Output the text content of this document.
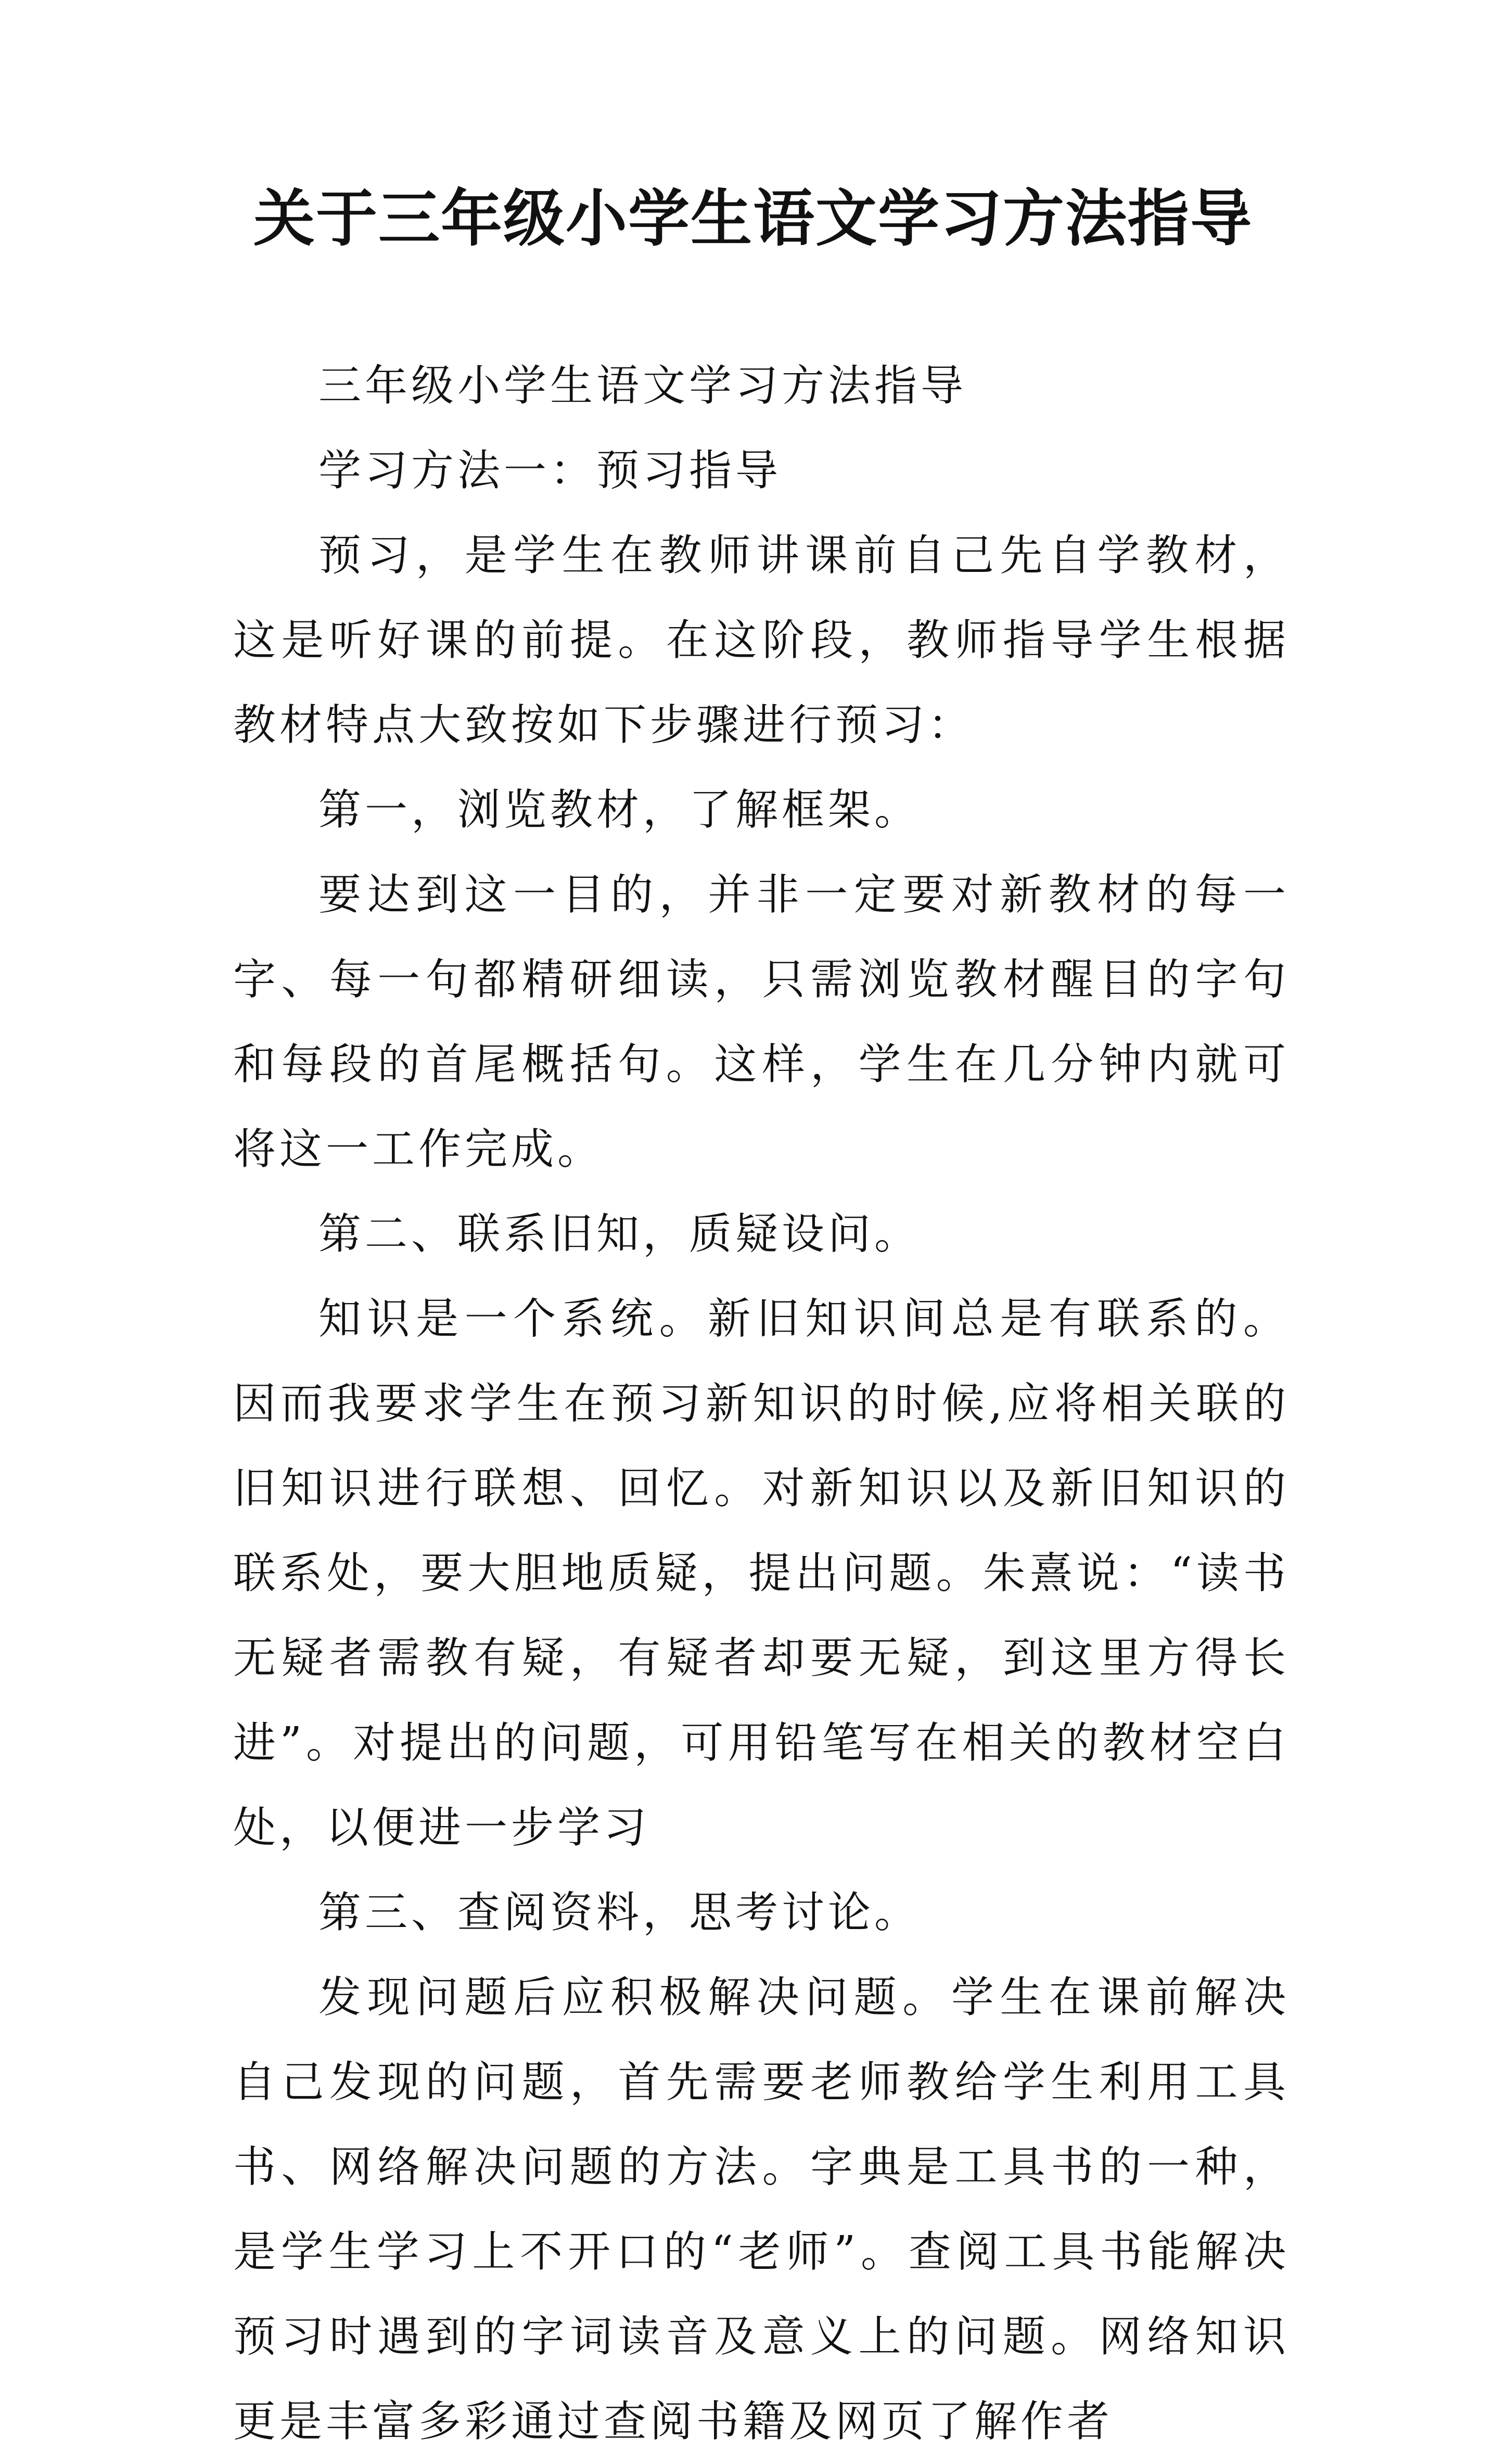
关于三年级小学生语文学习方法指导

三年级小学生语文学习方法指导

学习方法一：预习指导

预习，是学生在教师讲课前自己先自学教材，这是听好课的前提。在这阶段，教师指导学生根据教材特点大致按如下步骤进行预习：

第一，浏览教材，了解框架。

要达到这一目的，并非一定要对新教材的每一字、每一句都精研细读，只需浏览教材醒目的字句和每段的首尾概括句。这样，学生在几分钟内就可将这一工作完成。

第二、联系旧知，质疑设问。

知识是一个系统。新旧知识间总是有联系的。因而我要求学生在预习新知识的时候,应将相关联的旧知识进行联想、回忆。对新知识以及新旧知识的联系处，要大胆地质疑，提出问题。朱熹说：“读书无疑者需教有疑，有疑者却要无疑，到这里方得长进”。对提出的问题，可用铅笔写在相关的教材空白处，以便进一步学习

第三、查阅资料，思考讨论。

发现问题后应积极解决问题。学生在课前解决自己发现的问题，首先需要老师教给学生利用工具书、网络解决问题的方法。字典是工具书的一种，是学生学习上不开口的“老师”。查阅工具书能解决预习时遇到的字词读音及意义上的问题。网络知识更是丰富多彩通过查阅书籍及网页了解作者
